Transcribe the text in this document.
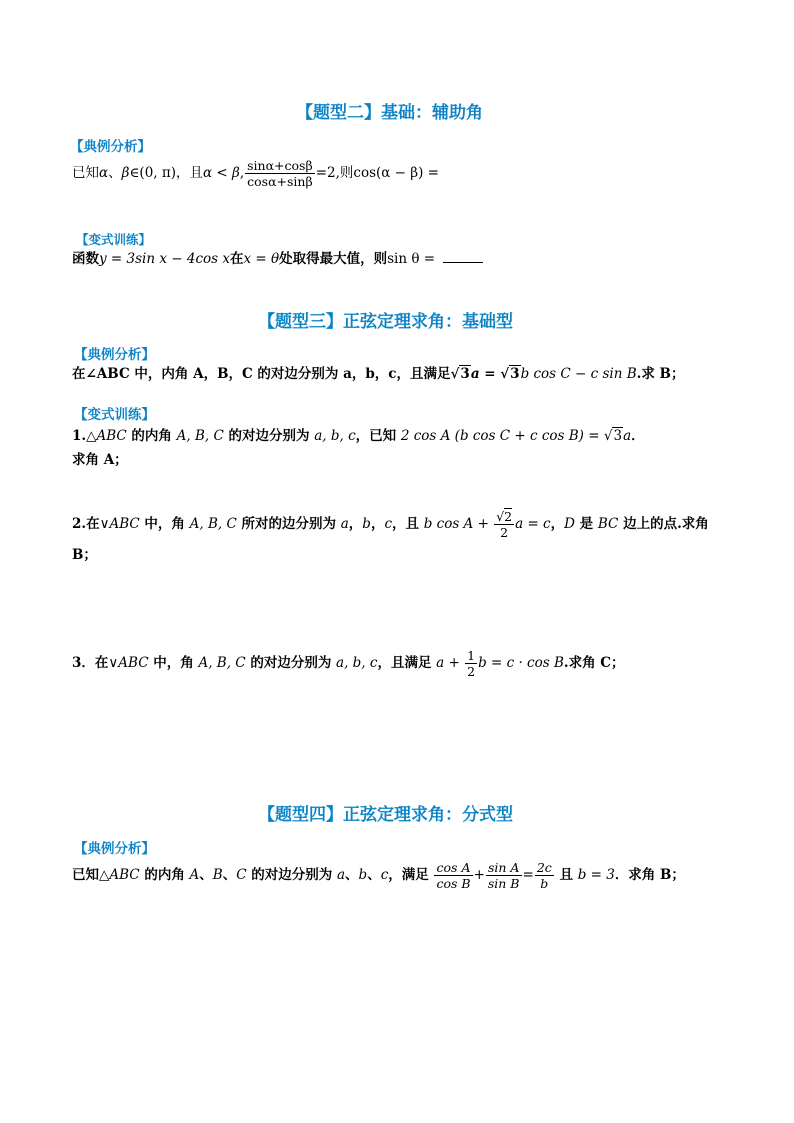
【题型二】基础：辅助角
【典例分析】
已知α、β∈(0, π)，且α < β, $\frac{\sin\alpha+\cos\beta}{\cos\alpha+\sin\beta} =2$,则cos(α − β) =
【变式训练】
函数y = 3sin x − 4cos x在x = θ处取得最大值，则sin θ =
【题型三】正弦定理求角：基础型
【典例分析】
在∠ABC 中，内角 A，B，C 的对边分别为 a，b，c，且满足√3a = √3b cos C − c sin B.求 B；
【变式训练】
1.△ABC 的内角 A, B, C 的对边分别为 a, b, c，已知 2 cos A (b cos C + c cos B) = √3a．
求角 A；
2.在∨ABC 中，角 A, B, C 所对的边分别为 a，b，c，且 b $\cos A + \frac{√2}{2}$ a = c，D 是 BC 边上的点.求角
B；
3．在∨ABC 中，角 A, B, C 的对边分别为 a, b, c，且满足 $a + \frac{1}{2}$ b = c · cos B.求角 C；
【题型四】正弦定理求角：分式型
【典例分析】
已知△ABC 的内角 A、B、C 的对边分别为 a、b、c，满足 $\frac{\text{cos A}}{\text{cos B}} + \frac{\text{sin A}}{\text{sin B}} = \frac{2c}{b}$ 且 b = 3．求角 B；
